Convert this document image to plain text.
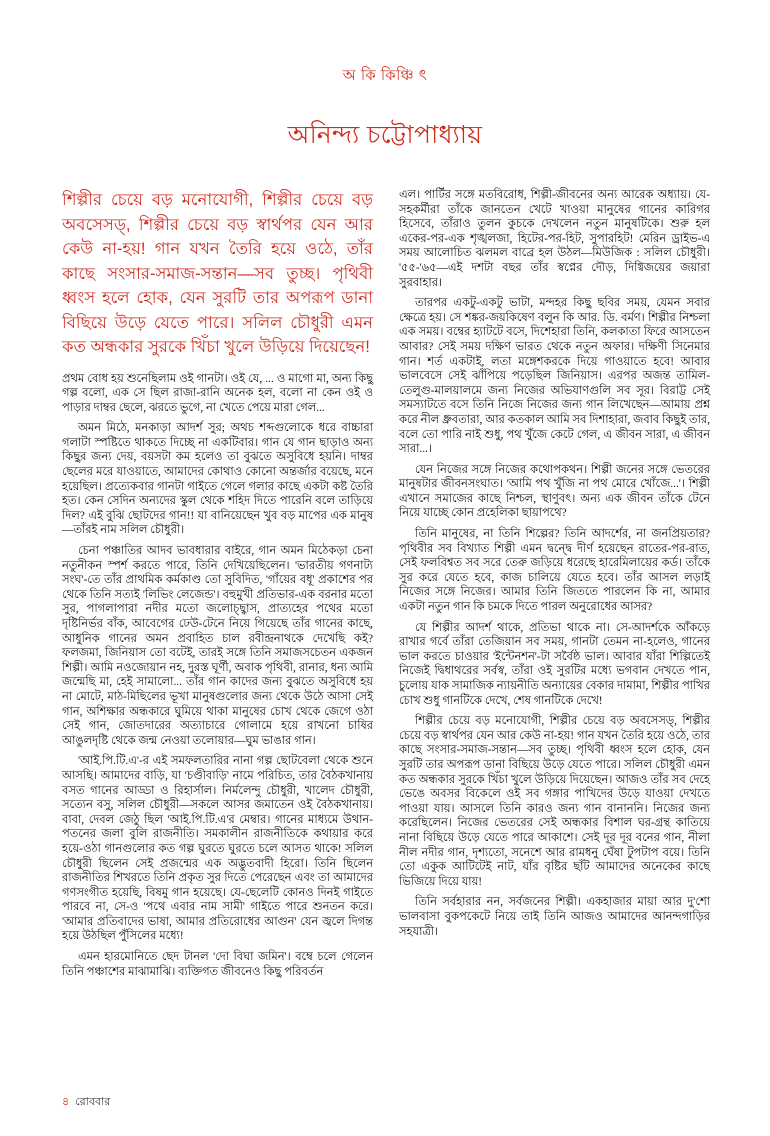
অ কি কিঞ্চি ৎ
অনিন্দ্য চট্টোপাধ্যায়
শিল্পীর চেয়ে বড় মনোযোগী, শিল্পীর চেয়ে বড় অবসেসড্, শিল্পীর চেয়ে বড় স্বার্থপর যেন আর কেউ না-হয়! গান যখন তৈরি হয়ে ওঠে, তাঁর কাছে সংসার-সমাজ-সন্তান—সব তুচ্ছ। পৃথিবী ধ্বংস হলে হোক, যেন সুরটি তার অপরূপ ডানা বিছিয়ে উড়ে যেতে পারে। সলিল চৌধুরী এমন কত অন্ধকার সুরকে খিঁচা খুলে উড়িয়ে দিয়েছেন!

প্রথম বোধ হয় শুনেছিলাম ওই গানটা। ওই যে, ... ও মাগো মা, অন্য কিছু গল্প বলো, এক সে ছিল রাজা-রানি অনেক হল, বলো না কেন ওই ও পাড়ার দাম্বর ছেলে, ঝরতে ভুগে, না খেতে পেয়ে মারা গেল...

অমন মিঠে, মনকাড়া আদর্শ সুর; অথচ শব্দগুলোকে ধরে বাচ্চারা গলাটা স্পষ্টিতে থাকতে দিচ্ছে না একটিবার। গান যে গান ছাড়াও অন্য কিছুর জন্য দেয়, বয়সটা কম হলেও তা বুঝতে অসুবিধে হয়নি। দাম্বর ছেলের মরে যাওয়াতে, আমাদের কোথাও কোনো অন্তর্জার বয়েছে, মনে হয়েছিল। প্রত্যেকবার গানটা গাইতে গেলে গলার কাছে একটা কষ্ট তৈরি হত। কেন সেদিন অন্যদের স্কুল থেকে শহিদ দিতে পারেনি বলে তাড়িয়ে দিল? এই বুঝি ছোটদের গান!! যা বানিয়েছেন খুব বড় মাপের এক মানুষ—তাঁরই নাম সলিল চৌধুরী।

চেনা পঞ্চাতির আদব ভাবধারার বাইরে, গান অমন মিঠেকড়া চেনা নতুনীকন স্পর্শ করতে পারে, তিনি দেখিয়েছিলেন। 'ভারতীয় গণনাট্য সংঘ'-তে তাঁর প্রাথমিক কর্মকাণ্ড তো সুবিদিত, 'গাঁয়ের বধূ' প্রকাশের পর থেকে তিনি সত্যই 'লিভিং লেজেন্ড'। বহুমুখী প্রতিভার-এক বরনার মতো সুর, পাগলাপারা নদীর মতো জলোচ্ছ্বাস, প্রাত্যহের পথের মতো দৃষ্টিনির্ভর বাঁক, আবেগের ঢেউ-টেনে নিয়ে গিয়েছে তাঁর গানের কাছে, আধুনিক গানের অমন প্রবাহিত চাল রবীন্দ্রনাথকে দেখেছি কই? ফলজমা, জিনিয়াস তো বটেই, তারই সঙ্গে তিনি সমাজসচেতন একজন শিল্পী। আমি নওজোয়ান নহ, দুরস্ত ঘূর্ণী, অবাক পৃথিবী, রানার, ধন্য আমি জন্মেছি মা, হেই সামালো... তাঁর গান কাদের জন্য বুঝতে অসুবিধে হয় না মোটে, মাঠ-মিছিলের ভূখা মানুষগুলোর জন্য থেকে উঠে আসা সেই গান, অশিক্ষার অন্ধকারে ঘুমিয়ে থাকা মানুষের চোখ থেকে জেগে ওঠা সেই গান, জোতদারের অত্যাচারে গোলামে হয়ে রাখনো চাষির আঙুলদৃষ্টি থেকে জন্ম নেওয়া তলোয়ার—ঘুম ভাঙার গান।

'আই.পি.টি.এ'-র এই সমফলতারির নানা গল্প ছোটবেলা থেকে শুনে আসছি। আমাদের বাড়ি, যা 'চণ্ডীবাড়ি' নামে পরিচিত, তার বৈঠকখানায় বসত গানের আড্ডা ও রিহার্সাল। নির্মলেন্দু চৌধুরী, খালেদ চৌধুরী, সত্যেন বসু, সলিল চৌধুরী—সকলে আসর জমাতেন ওই বৈঠকখানায়। বাবা, দেবল জেঠু ছিল 'আই.পি.টি.এ'র মেম্বার। গানের মাধ্যমে উথান-পতনের জলা বুলি রাজনীতি। সমকালীন রাজনীতিকে কথায়ার করে হয়ে-ওঠা গানগুলোর কত গল্প ঘুরতে ঘুরতে চলে আসত থাকে! সলিল চৌধুরী ছিলেন সেই প্রজন্মের এক অদ্ভুতবাদী হিরো। তিনি ছিলেন রাজনীতির শিখরতে তিনি প্রকৃত সুর দিতে পেরেছেন এবং তা আমাদের গণসংগীত হয়েছি, বিষমু গান হয়েছে। যে-ছেলেটি কোনও দিনই গাইতে পারবে না, সে-ও 'পথে এবার নাম সামী' গাইতে পারে শুনতন করে। 'আমার প্রতিবাদের ভাষা, আমার প্রতিরোধের আগুন' যেন জ্বলে দিগন্ত হয়ে উঠছিল পুঁসিলের মধ্যে!

এমন হারমোনিতে ছেদ টানল 'দো বিঘা জমিন'। বম্বে চলে গেলেন তিনি পঞ্চাশের মাঝামাঝি। ব্যক্তিগত জীবনেও কিছু পরিবর্তন

এল। পার্টির সঙ্গে মতবিরোধ, শিল্পী-জীবনের অন্য আরেক অধ্যায়। যে-সহকর্মীরা তাঁকে জানতেন খেটে খাওয়া মানুষের গানের কারিগর হিসেবে, তাঁরাও তুলন কুচকে দেখলেন নতুন মানুষটিকে। শুরু হল একের-পর-এক শৃঙ্খলজা, হিটের-পর-হিট, সুপারহিট! মেরিন ড্রাইভ-এ সময় আলোচিত ঝলমল বাব্রে হল উঠল—মিউজিক : সলিল চৌধুরী। '৫৫-'৬৫—এই দশটা বছর তাঁর স্বপ্নের দৌড়, দিগ্বিজয়ের জয়ারা সুরবাহার।

তারপর একটু-একটু ভাটা, মন্দহর কিছু ছবির সময়, যেমন সবার ক্ষেত্রে হয়। সে শঙ্কর-জয়কিষেণ বলুন কি আর. ডি. বর্মণ। শিল্পীর নিশ্চলা এক সময়। বম্বের হ্যাটটে বসে, দিশেহারা তিনি, কলকাতা ফিরে আসতেন আবার? সেই সময় দক্ষিণ ভারত থেকে নতুন অফার। দক্ষিণী সিনেমার গান। শর্ত একটাই, লতা মঙ্গেশকরকে দিয়ে গাওয়াতে হবে! আবার ভালবেসে সেই ঝাঁপিয়ে পড়েছিল জিনিয়াস। এরপর অজন্ত তামিল-তেলুগু-মালয়ালমে জন্য নিজের অভিযাণগুলি সব সূর। বিরাট্ট সেই সমস্যাটতে বসে তিনি নিজে নিজের জন্য গান লিখেছেন—আমায় প্রশ্ন করে নীল ধ্রুবতারা, আর কতকাল আমি সব দিশাহারা, জবাব কিছুই তার, বলে তো পারি নাই শুধু, পথ খুঁজে কেটে গেল, এ জীবন সারা, এ জীবন সারা...।

যেন নিজের সঙ্গে নিজের কথোপকথন। শিল্পী জনের সঙ্গে ভেতরের মানুষটার জীবনসংঘাত। 'আমি পথ খুঁজি না পথ মোরে খোঁজে...'। শিল্পী এখানে সমাজের কাছে নিশ্চল, স্থাণুবৎ। অন্য এক জীবন তাঁকে টেনে নিয়ে যাচ্ছে কোন প্রহেলিকা ছায়াপথে?

তিনি মানুষের, না তিনি শিল্পের? তিনি আদর্শের, না জনপ্রিয়তার? পৃথিবীর সব বিখ্যাত শিল্পী এমন দ্বন্দ্বে দীর্ণ হয়েছেন রাতের-পর-রাত, সেই ফলবিশ্বত সব সরে তেরু জড়িয়ে ধরেছে হারেমিলায়ের কর্ড। তাঁকে সুর করে যেতে হবে, কাজ চালিয়ে যেতে হবে। তাঁর আসল লড়াই নিজের সঙ্গে নিজের। আমার তিনি জিততে পারলেন কি না, আমার একটা নতুন গান কি চমকে দিতে পারল অনুরোধের আসর?

যে শিল্পীর আদর্শ থাকে, প্রতিভা থাকে না। সে-আদর্শকে আঁকড়ে রাখার গর্বে তাঁরা তেজিয়ান সব সময়, গানটা তেমন না-হলেও, গানের ভাল করতে চাওয়ার 'ইন্টেনশন'-টা সর্বৈষ্ঠ ভাল। আবার যাঁরা শিল্পিতেই নিজেই দ্বিধাথরের সর্বস্ব, তাঁরা ওই সুরটির মধ্যে ভগবান দেখতে পান, চুলোয় যাক সামাজিক ন্যায়নীতি অন্যায়ের বেকার দামামা, শিল্পীর পাখির চোখ শুধু গানটিকে দেখে, শেষ গানটিকে দেখে!

শিল্পীর চেয়ে বড় মনোযোগী, শিল্পীর চেয়ে বড় অবসেসড্, শিল্পীর চেয়ে বড় স্বার্থপর যেন আর কেউ না-হয়! গান যখন তৈরি হয়ে ওঠে, তার কাছে সংসার-সমাজ-সন্তান—সব তুচ্ছ। পৃথিবী ধ্বংস হলে হোক, যেন সুরটি তার অপরূপ ডানা বিছিয়ে উড়ে যেতে পারে। সলিল চৌধুরী এমন কত অন্ধকার সুরকে খিঁচা খুলে উড়িয়ে দিয়েছেন। আজও তাঁর সব দেহে ভেঙে অবসর বিকেলে ওই সব গঙ্গার পাখিদের উড়ে যাওয়া দেখতে পাওয়া যায়। আসলে তিনি কারও জন্য গান বানাননি। নিজের জন্য করেছিলেন। নিজের ভেতরের সেই অন্ধকার বিশাল ঘর-গ্রন্থ কাতিয়ে নানা বিছিয়ে উড়ে যেতে পারে আকাশে। সেই দূর দূর বনের গান, নীলা নীল নদীর গান, দৃশ্যতো, সনেশে আর রামধনু ঘেঁষা টুপটাপ বয়ে। তিনি তো একুক আটিটেই নাট, যাঁর বৃষ্টির ছাঁট আমাদের অনেকের কাছে ভিজিয়ে দিয়ে যায়!

তিনি সর্বহারার নন, সর্বজনের শিল্পী। একহাজার মায়া আর দু'শো ভালবাসা বুকপকেটে নিয়ে তাই তিনি আজও আমাদের আনন্দগাড়ির সহযাত্রী।

৪ রোববার
